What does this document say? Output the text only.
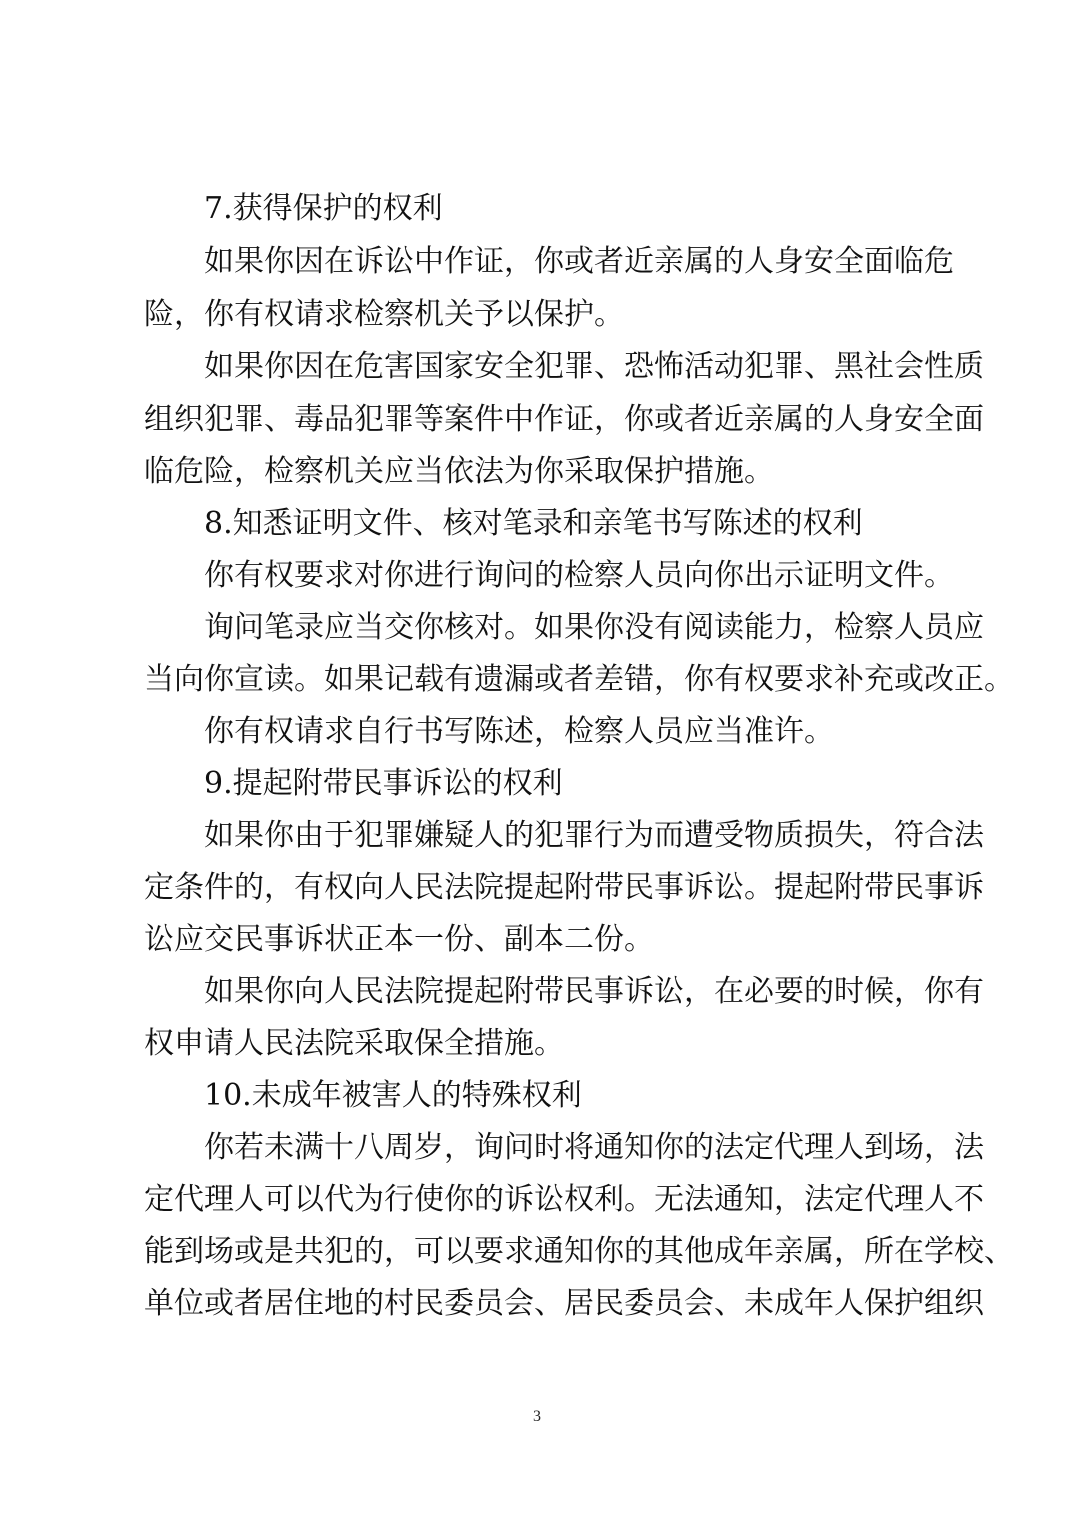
7.获得保护的权利
如果你因在诉讼中作证，你或者近亲属的人身安全面临危
险，你有权请求检察机关予以保护。
如果你因在危害国家安全犯罪、恐怖活动犯罪、黑社会性质
组织犯罪、毒品犯罪等案件中作证，你或者近亲属的人身安全面
临危险，检察机关应当依法为你采取保护措施。
8.知悉证明文件、核对笔录和亲笔书写陈述的权利
你有权要求对你进行询问的检察人员向你出示证明文件。
询问笔录应当交你核对。如果你没有阅读能力，检察人员应
当向你宣读。如果记载有遗漏或者差错，你有权要求补充或改正。
你有权请求自行书写陈述，检察人员应当准许。
9.提起附带民事诉讼的权利
如果你由于犯罪嫌疑人的犯罪行为而遭受物质损失，符合法
定条件的，有权向人民法院提起附带民事诉讼。提起附带民事诉
讼应交民事诉状正本一份、副本二份。
如果你向人民法院提起附带民事诉讼，在必要的时候，你有
权申请人民法院采取保全措施。
10.未成年被害人的特殊权利
你若未满十八周岁，询问时将通知你的法定代理人到场，法
定代理人可以代为行使你的诉讼权利。无法通知，法定代理人不
能到场或是共犯的，可以要求通知你的其他成年亲属，所在学校、
单位或者居住地的村民委员会、居民委员会、未成年人保护组织
3
